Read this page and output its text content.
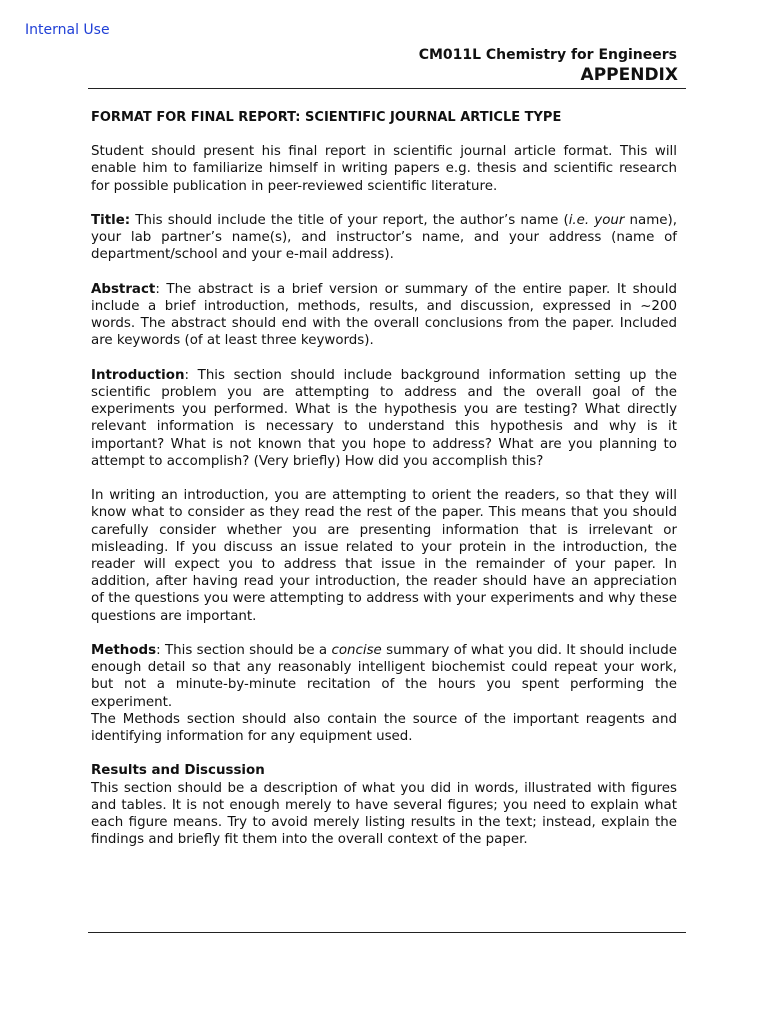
Internal Use
CM011L Chemistry for Engineers
APPENDIX

FORMAT FOR FINAL REPORT: SCIENTIFIC JOURNAL ARTICLE TYPE

Student should present his final report in scientific journal article format. This will enable him to familiarize himself in writing papers e.g. thesis and scientific research for possible publication in peer-reviewed scientific literature.

Title: This should include the title of your report, the author’s name (i.e. your name), your lab partner’s name(s), and instructor’s name, and your address (name of department/school and your e-mail address).

Abstract: The abstract is a brief version or summary of the entire paper. It should include a brief introduction, methods, results, and discussion, expressed in ~200 words. The abstract should end with the overall conclusions from the paper. Included are keywords (of at least three keywords).

Introduction: This section should include background information setting up the scientific problem you are attempting to address and the overall goal of the experiments you performed. What is the hypothesis you are testing? What directly relevant information is necessary to understand this hypothesis and why is it important? What is not known that you hope to address? What are you planning to attempt to accomplish? (Very briefly) How did you accomplish this?

In writing an introduction, you are attempting to orient the readers, so that they will know what to consider as they read the rest of the paper. This means that you should carefully consider whether you are presenting information that is irrelevant or misleading. If you discuss an issue related to your protein in the introduction, the reader will expect you to address that issue in the remainder of your paper. In addition, after having read your introduction, the reader should have an appreciation of the questions you were attempting to address with your experiments and why these questions are important.

Methods: This section should be a concise summary of what you did. It should include enough detail so that any reasonably intelligent biochemist could repeat your work, but not a minute-by-minute recitation of the hours you spent performing the experiment.

The Methods section should also contain the source of the important reagents and identifying information for any equipment used.

Results and Discussion

This section should be a description of what you did in words, illustrated with figures and tables. It is not enough merely to have several figures; you need to explain what each figure means. Try to avoid merely listing results in the text; instead, explain the findings and briefly fit them into the overall context of the paper.
